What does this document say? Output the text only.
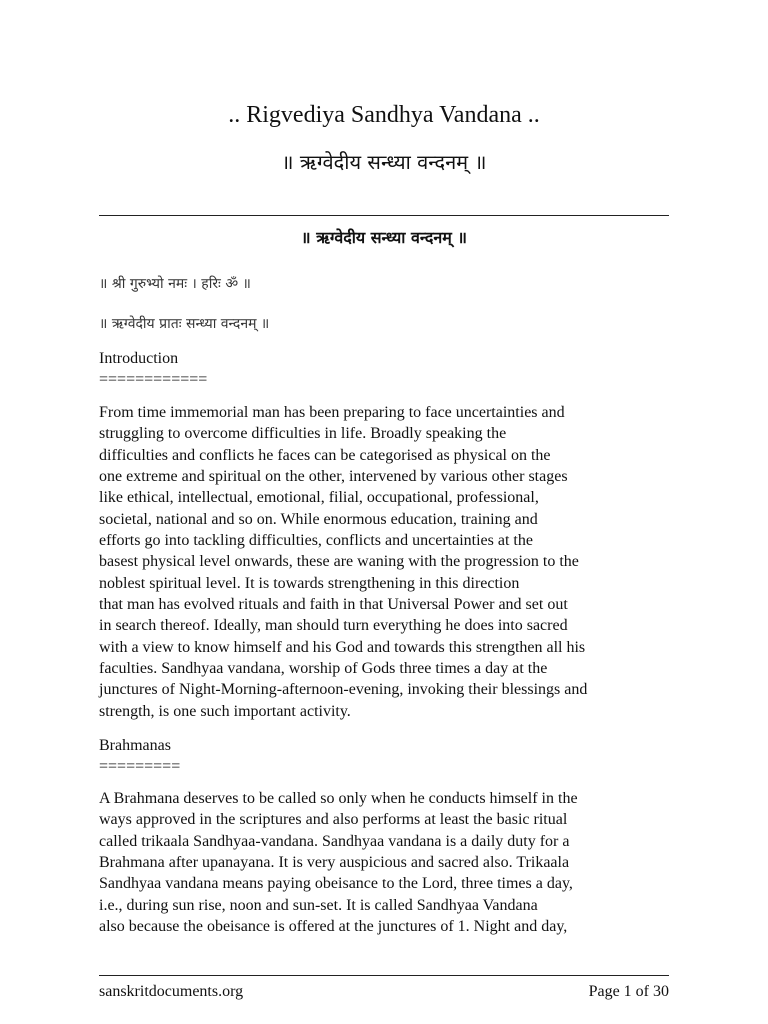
.. Rigvediya Sandhya Vandana ..
॥ ऋग्वेदीय सन्ध्या वन्दनम् ॥
॥ ऋग्वेदीय सन्ध्या वन्दनम् ॥

॥ श्री गुरुभ्यो नमः । हरिः ॐ ॥

॥ ऋग्वेदीय प्रातः सन्ध्या वन्दनम् ॥

Introduction
============

From time immemorial man has been preparing to face uncertainties and
struggling to overcome difficulties in life. Broadly speaking the
difficulties and conflicts he faces can be categorised as physical on the
one extreme and spiritual on the other, intervened by various other stages
like ethical, intellectual, emotional, filial, occupational, professional,
societal, national and so on. While enormous education, training and
efforts go into tackling difficulties, conflicts and uncertainties at the
basest physical level onwards, these are waning with the progression to the
noblest spiritual level. It is towards strengthening in this direction
that man has evolved rituals and faith in that Universal Power and set out
in search thereof. Ideally, man should turn everything he does into sacred
with a view to know himself and his God and towards this strengthen all his
faculties. Sandhyaa vandana, worship of Gods three times a day at the
junctures of Night-Morning-afternoon-evening, invoking their blessings and
strength, is one such important activity.

Brahmanas
=========

A Brahmana deserves to be called so only when he conducts himself in the
ways approved in the scriptures and also performs at least the basic ritual
called trikaala Sandhyaa-vandana. Sandhyaa vandana is a daily duty for a
Brahmana after upanayana. It is very auspicious and sacred also. Trikaala
Sandhyaa vandana means paying obeisance to the Lord, three times a day,
i.e., during sun rise, noon and sun-set. It is called Sandhyaa Vandana
also because the obeisance is offered at the junctures of 1. Night and day,

sanskritdocuments.org	Page 1 of 30
